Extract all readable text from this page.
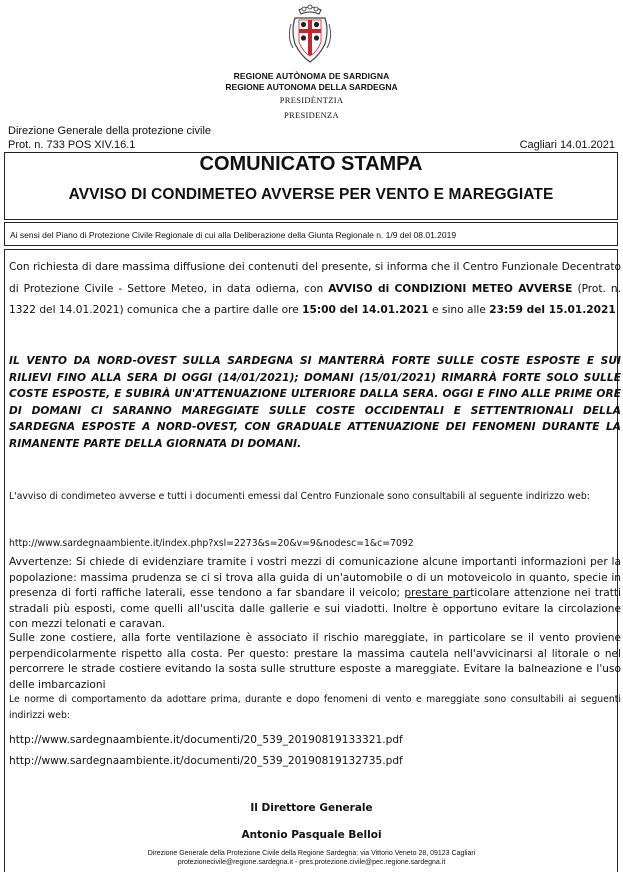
REGIONE AUTÒNOMA DE SARDIGNA
REGIONE AUTONOMA DELLA SARDEGNA
PRESIDÈNTZIA
PRESIDENZA
Direzione Generale della protezione civile
Prot. n. 733 POS XIV.16.1	Cagliari 14.01.2021
COMUNICATO STAMPA
AVVISO DI CONDIMETEO AVVERSE PER VENTO E MAREGGIATE
Ai sensi del Piano di Protezione Civile Regionale di cui alla Deliberazione della Giunta Regionale n. 1/9 del 08.01.2019
Con richiesta di dare massima diffusione dei contenuti del presente, si informa che il Centro Funzionale Decentrato di Protezione Civile - Settore Meteo, in data odierna, con AVVISO di CONDIZIONI METEO AVVERSE (Prot. n. 1322 del 14.01.2021) comunica che a partire dalle ore 15:00 del 14.01.2021 e sino alle 23:59 del 15.01.2021
IL VENTO DA NORD-OVEST SULLA SARDEGNA SI MANTERRÀ FORTE SULLE COSTE ESPOSTE E SUI RILIEVI FINO ALLA SERA DI OGGI (14/01/2021); DOMANI (15/01/2021) RIMARRÀ FORTE SOLO SULLE COSTE ESPOSTE, E SUBIRÀ UN'ATTENUAZIONE ULTERIORE DALLA SERA. OGGI E FINO ALLE PRIME ORE DI DOMANI CI SARANNO MAREGGIATE SULLE COSTE OCCIDENTALI E SETTENTRIONALI DELLA SARDEGNA ESPOSTE A NORD-OVEST, CON GRADUALE ATTENUAZIONE DEI FENOMENI DURANTE LA RIMANENTE PARTE DELLA GIORNATA DI DOMANI.
L'avviso di condimeteo avverse e tutti i documenti emessi dal Centro Funzionale sono consultabili al seguente indirizzo web:
http://www.sardegnaambiente.it/index.php?xsl=2273&s=20&v=9&nodesc=1&c=7092
Avvertenze: Si chiede di evidenziare tramite i vostri mezzi di comunicazione alcune importanti informazioni per la popolazione: massima prudenza se ci si trova alla guida di un'automobile o di un motoveicolo in quanto, specie in presenza di forti raffiche laterali, esse tendono a far sbandare il veicolo; prestare particolare attenzione nei tratti stradali più esposti, come quelli all'uscita dalle gallerie e sui viadotti. Inoltre è opportuno evitare la circolazione con mezzi telonati e caravan.
Sulle zone costiere, alla forte ventilazione è associato il rischio mareggiate, in particolare se il vento proviene perpendicolarmente rispetto alla costa. Per questo: prestare la massima cautela nell'avvicinarsi al litorale o nel percorrere le strade costiere evitando la sosta sulle strutture esposte a mareggiate. Evitare la balneazione e l'uso delle imbarcazioni
Le norme di comportamento da adottare prima, durante e dopo fenomeni di vento e mareggiate sono consultabili ai seguenti indirizzi web:
http://www.sardegnaambiente.it/documenti/20_539_20190819133321.pdf
http://www.sardegnaambiente.it/documenti/20_539_20190819132735.pdf
Il Direttore Generale
Antonio Pasquale Belloi
Direzione Generale della Protezione Civile della Regione Sardegna: via Vittorio Veneto 28, 09123 Cagliari
protezionecivile@regione.sardegna.it - pres.protezione.civile@pec.regione.sardegna.it
